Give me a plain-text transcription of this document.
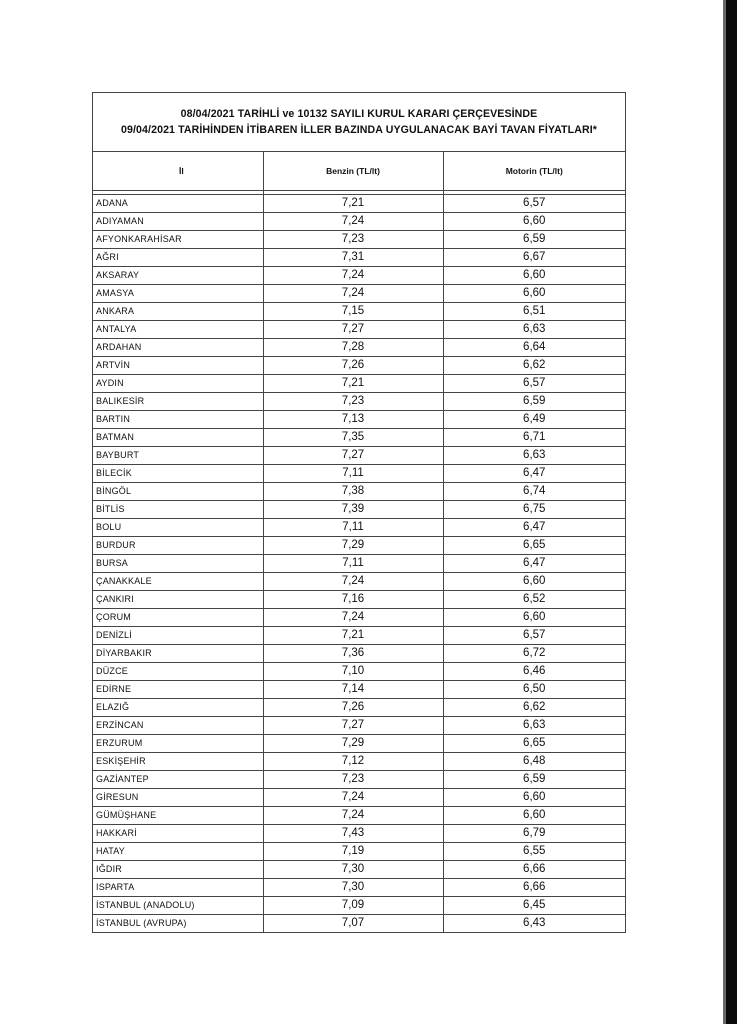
08/04/2021 TARİHLİ ve 10132 SAYILI KURUL KARARI ÇERÇEVESİNDE
09/04/2021 TARİHİNDEN İTİBAREN İLLER BAZINDA UYGULANACAK BAYİ TAVAN FİYATLARI*
İl	Benzin (TL/lt)	Motorin (TL/lt)

ADANA	7,21	6,57
ADIYAMAN	7,24	6,60
AFYONKARAHİSAR	7,23	6,59
AĞRI	7,31	6,67
AKSARAY	7,24	6,60
AMASYA	7,24	6,60
ANKARA	7,15	6,51
ANTALYA	7,27	6,63
ARDAHAN	7,28	6,64
ARTVİN	7,26	6,62
AYDIN	7,21	6,57
BALIKESİR	7,23	6,59
BARTIN	7,13	6,49
BATMAN	7,35	6,71
BAYBURT	7,27	6,63
BİLECİK	7,11	6,47
BİNGÖL	7,38	6,74
BİTLİS	7,39	6,75
BOLU	7,11	6,47
BURDUR	7,29	6,65
BURSA	7,11	6,47
ÇANAKKALE	7,24	6,60
ÇANKIRI	7,16	6,52
ÇORUM	7,24	6,60
DENİZLİ	7,21	6,57
DİYARBAKIR	7,36	6,72
DÜZCE	7,10	6,46
EDİRNE	7,14	6,50
ELAZIĞ	7,26	6,62
ERZİNCAN	7,27	6,63
ERZURUM	7,29	6,65
ESKİŞEHİR	7,12	6,48
GAZİANTEP	7,23	6,59
GİRESUN	7,24	6,60
GÜMÜŞHANE	7,24	6,60
HAKKARİ	7,43	6,79
HATAY	7,19	6,55
IĞDIR	7,30	6,66
ISPARTA	7,30	6,66
İSTANBUL (ANADOLU)	7,09	6,45
İSTANBUL (AVRUPA)	7,07	6,43
